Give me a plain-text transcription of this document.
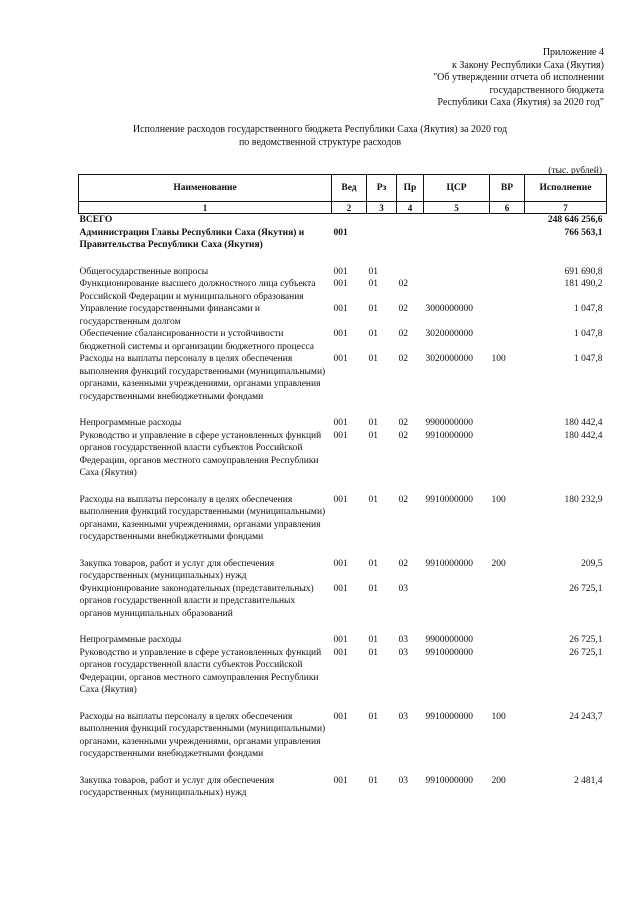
Приложение 4
к Закону Республики Саха (Якутия)
"Об утверждении отчета об исполнении
государственного бюджета
Республики Саха (Якутия) за 2020 год"
Исполнение расходов государственного бюджета Республики Саха (Якутия) за 2020 год
по ведомственной структуре расходов
(тыс. рублей)
Наименование	Вед	Рз	Пр	ЦСР	ВР	Исполнение
1	2	3	4	5	6	7
ВСЕГО						248 646 256,6
Администрация Главы Республики Саха (Якутия) и Правительства Республики Саха (Якутия)	001					766 563,1
Общегосударственные вопросы	001	01				691 690,8
Функционирование высшего должностного лица субъекта Российской Федерации и муниципального образования	001	01	02			181 490,2
Управление государственными финансами и государственным долгом	001	01	02	3000000000		1 047,8
Обеспечение сбалансированности и устойчивости бюджетной системы и организации бюджетного процесса	001	01	02	3020000000		1 047,8
Расходы на выплаты персоналу в целях обеспечения выполнения функций государственными (муниципальными) органами, казенными учреждениями, органами управления государственными внебюджетными фондами	001	01	02	3020000000	100	1 047,8
Непрограммные расходы	001	01	02	9900000000		180 442,4
Руководство и управление в сфере установленных функций органов государственной власти субъектов Российской Федерации, органов местного самоуправления Республики Саха (Якутия)	001	01	02	9910000000		180 442,4
Расходы на выплаты персоналу в целях обеспечения выполнения функций государственными (муниципальными) органами, казенными учреждениями, органами управления государственными внебюджетными фондами	001	01	02	9910000000	100	180 232,9
Закупка товаров, работ и услуг для обеспечения государственных (муниципальных) нужд	001	01	02	9910000000	200	209,5
Функционирование законодательных (представительных) органов государственной власти и представительных органов муниципальных образований	001	01	03			26 725,1
Непрограммные расходы	001	01	03	9900000000		26 725,1
Руководство и управление в сфере установленных функций органов государственной власти субъектов Российской Федерации, органов местного самоуправления Республики Саха (Якутия)	001	01	03	9910000000		26 725,1
Расходы на выплаты персоналу в целях обеспечения выполнения функций государственными (муниципальными) органами, казенными учреждениями, органами управления государственными внебюджетными фондами	001	01	03	9910000000	100	24 243,7
Закупка товаров, работ и услуг для обеспечения государственных (муниципальных) нужд	001	01	03	9910000000	200	2 481,4
